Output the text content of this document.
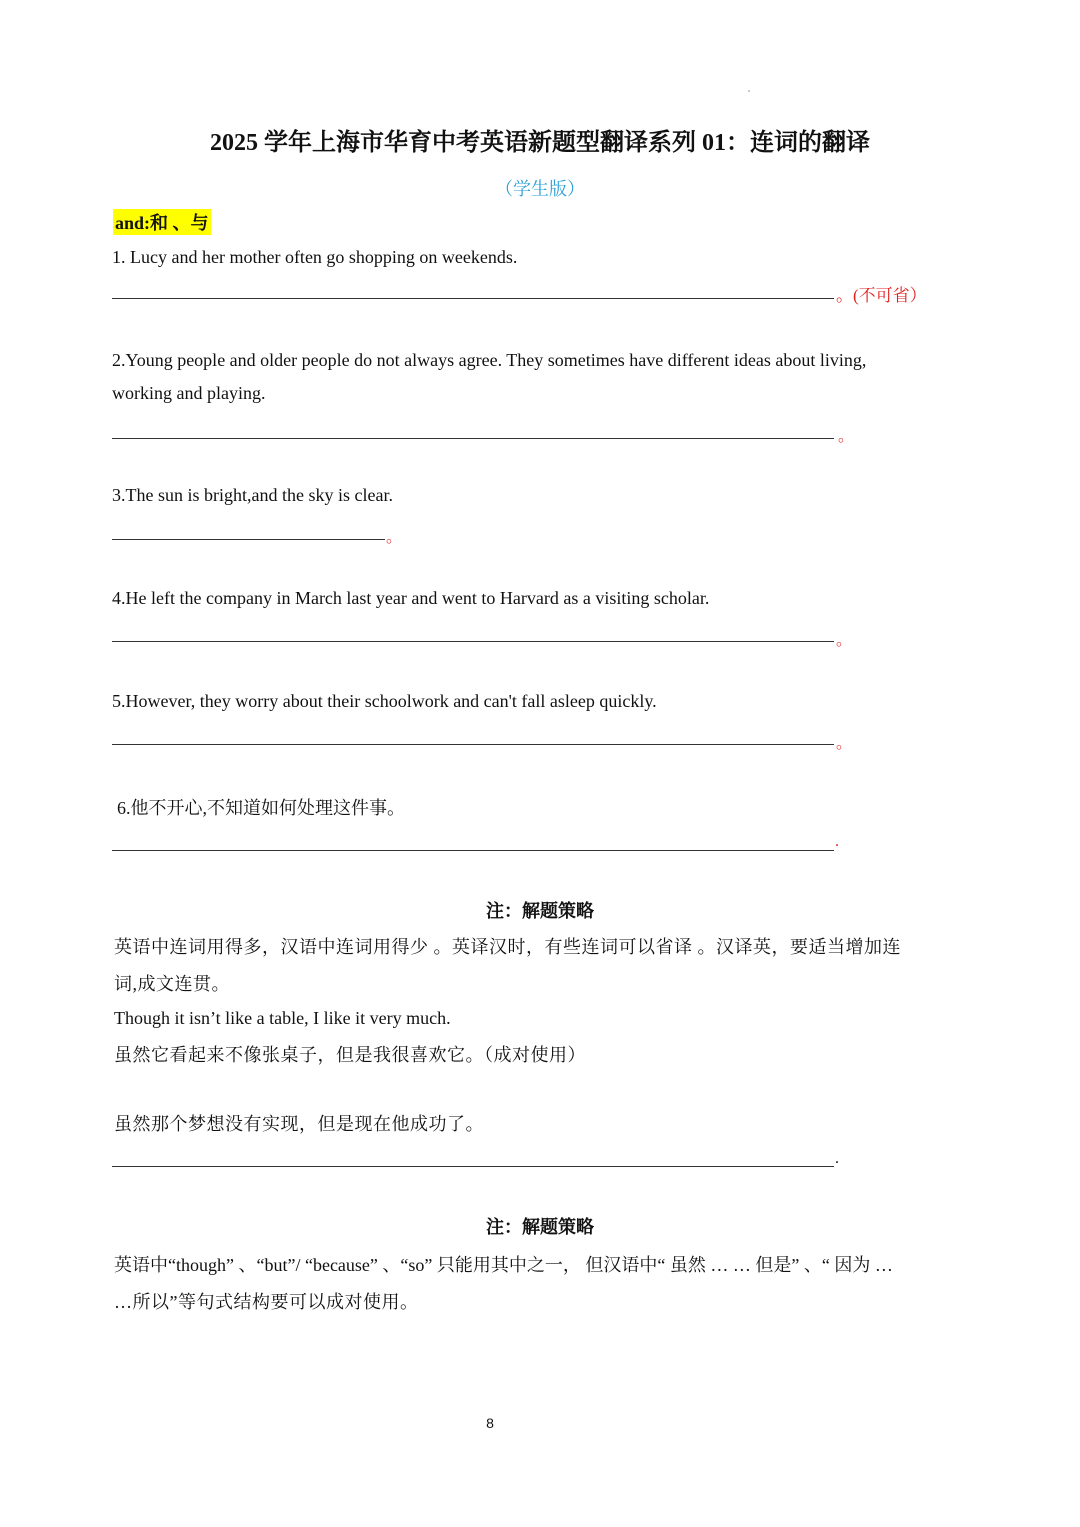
2025 学年上海市华育中考英语新题型翻译系列 01：连词的翻译
（学生版）
and:和 、与
1. Lucy and her mother often go shopping on weekends.
。(不可省）
2.Young people and older people do not always agree. They sometimes have different ideas about living,
working and playing.
。
3.The sun is bright,and the sky is clear.
。
4.He left the company in March last year and went to Harvard as a visiting scholar.
。
5.However, they worry about their schoolwork and can't fall asleep quickly.
。
6.他不开心,不知道如何处理这件事。
.
注：解题策略
英语中连词用得多，汉语中连词用得少 。英译汉时，有些连词可以省译 。汉译英，要适当增加连
词,成文连贯。
Though it isn’t like a table, I like it very much.
虽然它看起来不像张桌子，但是我很喜欢它。（成对使用）
虽然那个梦想没有实现，但是现在他成功了。
.
注：解题策略
英语中“though” 、“but”/ “because” 、“so” 只能用其中之一， 但汉语中“ 虽然 … … 但是” 、“ 因为 …
…所以”等句式结构要可以成对使用。
8
